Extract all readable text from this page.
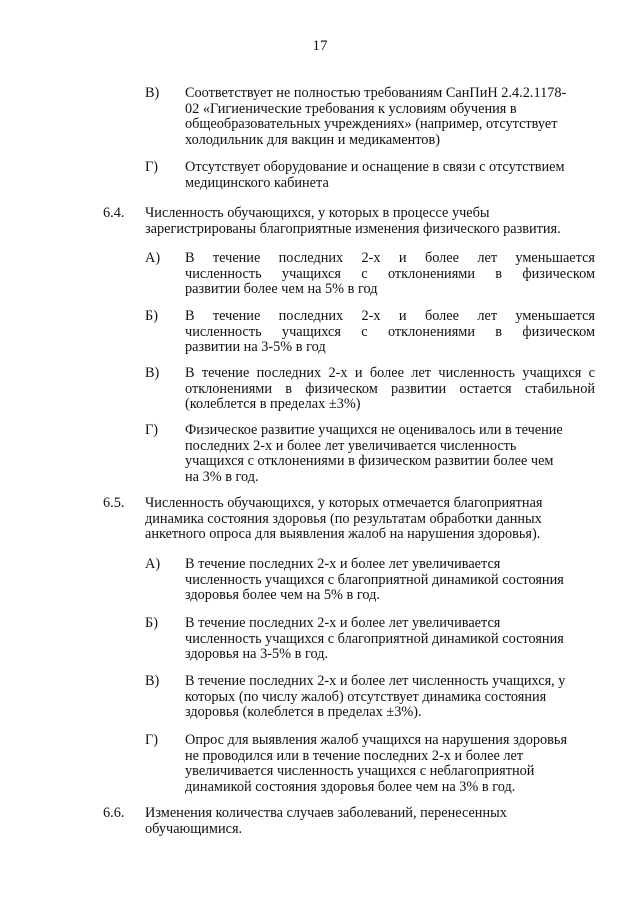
17
В) Соответствует не полностью требованиям СанПиН 2.4.2.1178-
02 «Гигиенические требования к условиям обучения в
общеобразовательных учреждениях» (например, отсутствует
холодильник для вакцин и медикаментов)
Г) Отсутствует оборудование и оснащение в связи с отсутствием
медицинского кабинета
6.4. Численность обучающихся, у которых в процессе учебы
зарегистрированы благоприятные изменения физического развития.
А) В течение последних 2-х и более лет уменьшается
численность учащихся с отклонениями в физическом
развитии более чем на 5% в год
Б) В течение последних 2-х и более лет уменьшается
численность учащихся с отклонениями в физическом
развитии на 3-5% в год
В) В течение последних 2-х и более лет численность учащихся с
отклонениями в физическом развитии остается стабильной
(колеблется в пределах ±3%)
Г) Физическое развитие учащихся не оценивалось или в течение
последних 2-х и более лет увеличивается численность
учащихся с отклонениями в физическом развитии более чем
на 3% в год.
6.5. Численность обучающихся, у которых отмечается благоприятная
динамика состояния здоровья (по результатам обработки данных
анкетного опроса для выявления жалоб на нарушения здоровья).
А) В течение последних 2-х и более лет увеличивается
численность учащихся с благоприятной динамикой состояния
здоровья более чем на 5% в год.
Б) В течение последних 2-х и более лет увеличивается
численность учащихся с благоприятной динамикой состояния
здоровья на 3-5% в год.
В) В течение последних 2-х и более лет численность учащихся, у
которых (по числу жалоб) отсутствует динамика состояния
здоровья (колеблется в пределах ±3%).
Г) Опрос для выявления жалоб учащихся на нарушения здоровья
не проводился или в течение последних 2-х и более лет
увеличивается численность учащихся с неблагоприятной
динамикой состояния здоровья более чем на 3% в год.
6.6. Изменения количества случаев заболеваний, перенесенных
обучающимися.
